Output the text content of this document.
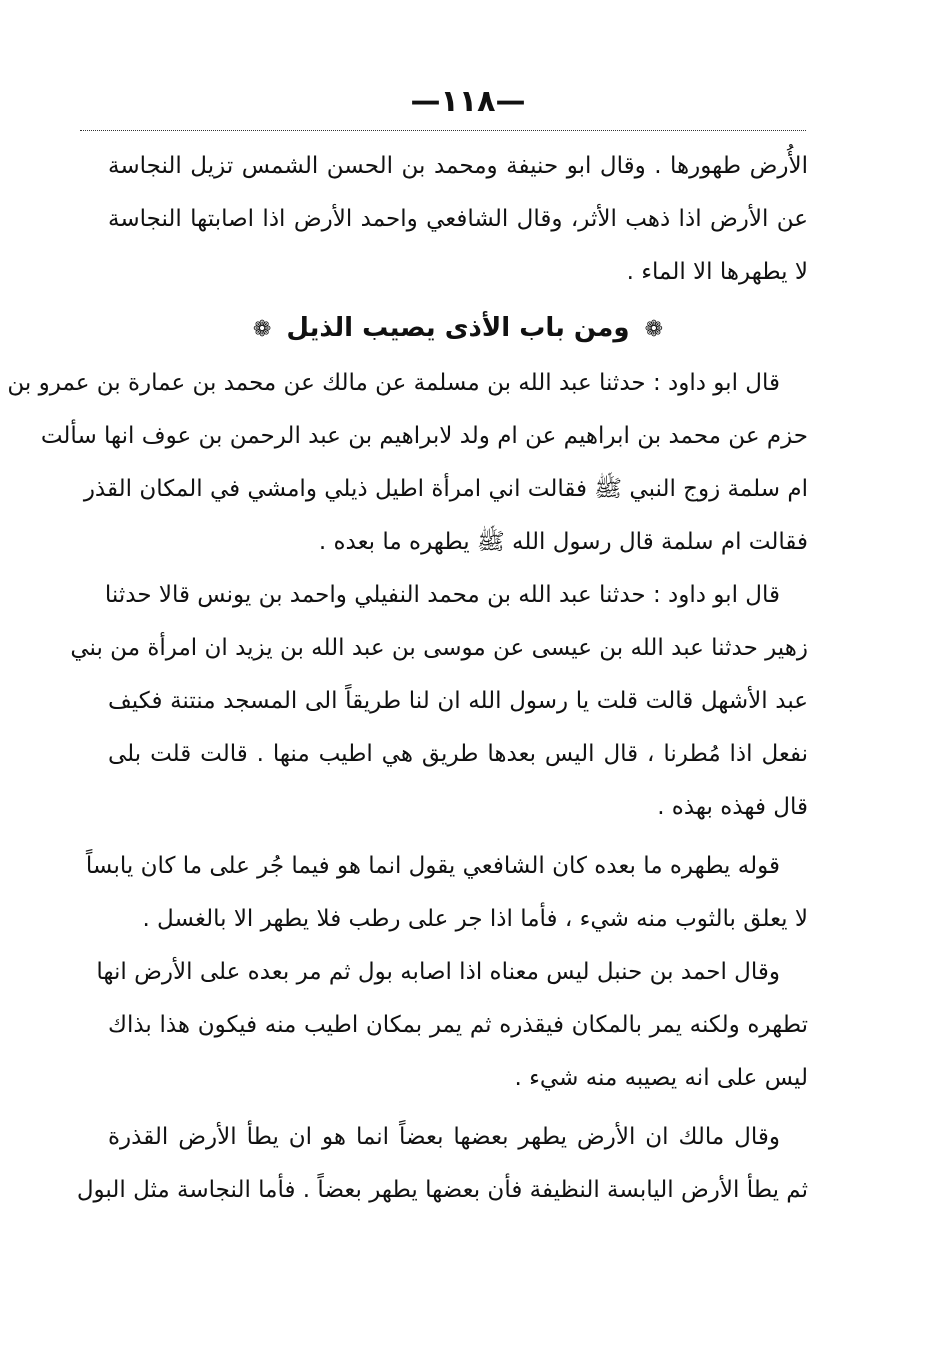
—١١٨—
الأُرض طهورها . وقال ابو حنيفة ومحمد بن الحسن الشمس تزيل النجاسة
عن الأرض اذا ذهب الأثر، وقال الشافعي واحمد الأرض اذا اصابتها النجاسة
لا يطهرها الا الماء .
❁ ومن باب الأذى يصيب الذيل ❁
قال ابو داود : حدثنا عبد الله بن مسلمة عن مالك عن محمد بن عمارة بن عمرو بن
حزم عن محمد بن ابراهيم عن ام ولد لابراهيم بن عبد الرحمن بن عوف انها سألت
ام سلمة زوج النبي ﷺ فقالت اني امرأة اطيل ذيلي وامشي في المكان القذر
فقالت ام سلمة قال رسول الله ﷺ يطهره ما بعده .
قال ابو داود : حدثنا عبد الله بن محمد النفيلي واحمد بن يونس قالا حدثنا
زهير حدثنا عبد الله بن عيسى عن موسى بن عبد الله بن يزيد ان امرأة من بني
عبد الأشهل قالت قلت يا رسول الله ان لنا طريقاً الى المسجد منتنة فكيف
نفعل اذا مُطرنا ، قال اليس بعدها طريق هي اطيب منها . قالت قلت بلى
قال فهذه بهذه .
قوله يطهره ما بعده كان الشافعي يقول انما هو فيما جُر على ما كان يابساً
لا يعلق بالثوب منه شيء ، فأما اذا جر على رطب فلا يطهر الا بالغسل .
وقال احمد بن حنبل ليس معناه اذا اصابه بول ثم مر بعده على الأرض انها
تطهره ولكنه يمر بالمكان فيقذره ثم يمر بمكان اطيب منه فيكون هذا بذاك
ليس على انه يصيبه منه شيء .
وقال مالك ان الأرض يطهر بعضها بعضاً انما هو ان يطأ الأرض القذرة
ثم يطأ الأرض اليابسة النظيفة فأن بعضها يطهر بعضاً . فأما النجاسة مثل البول
